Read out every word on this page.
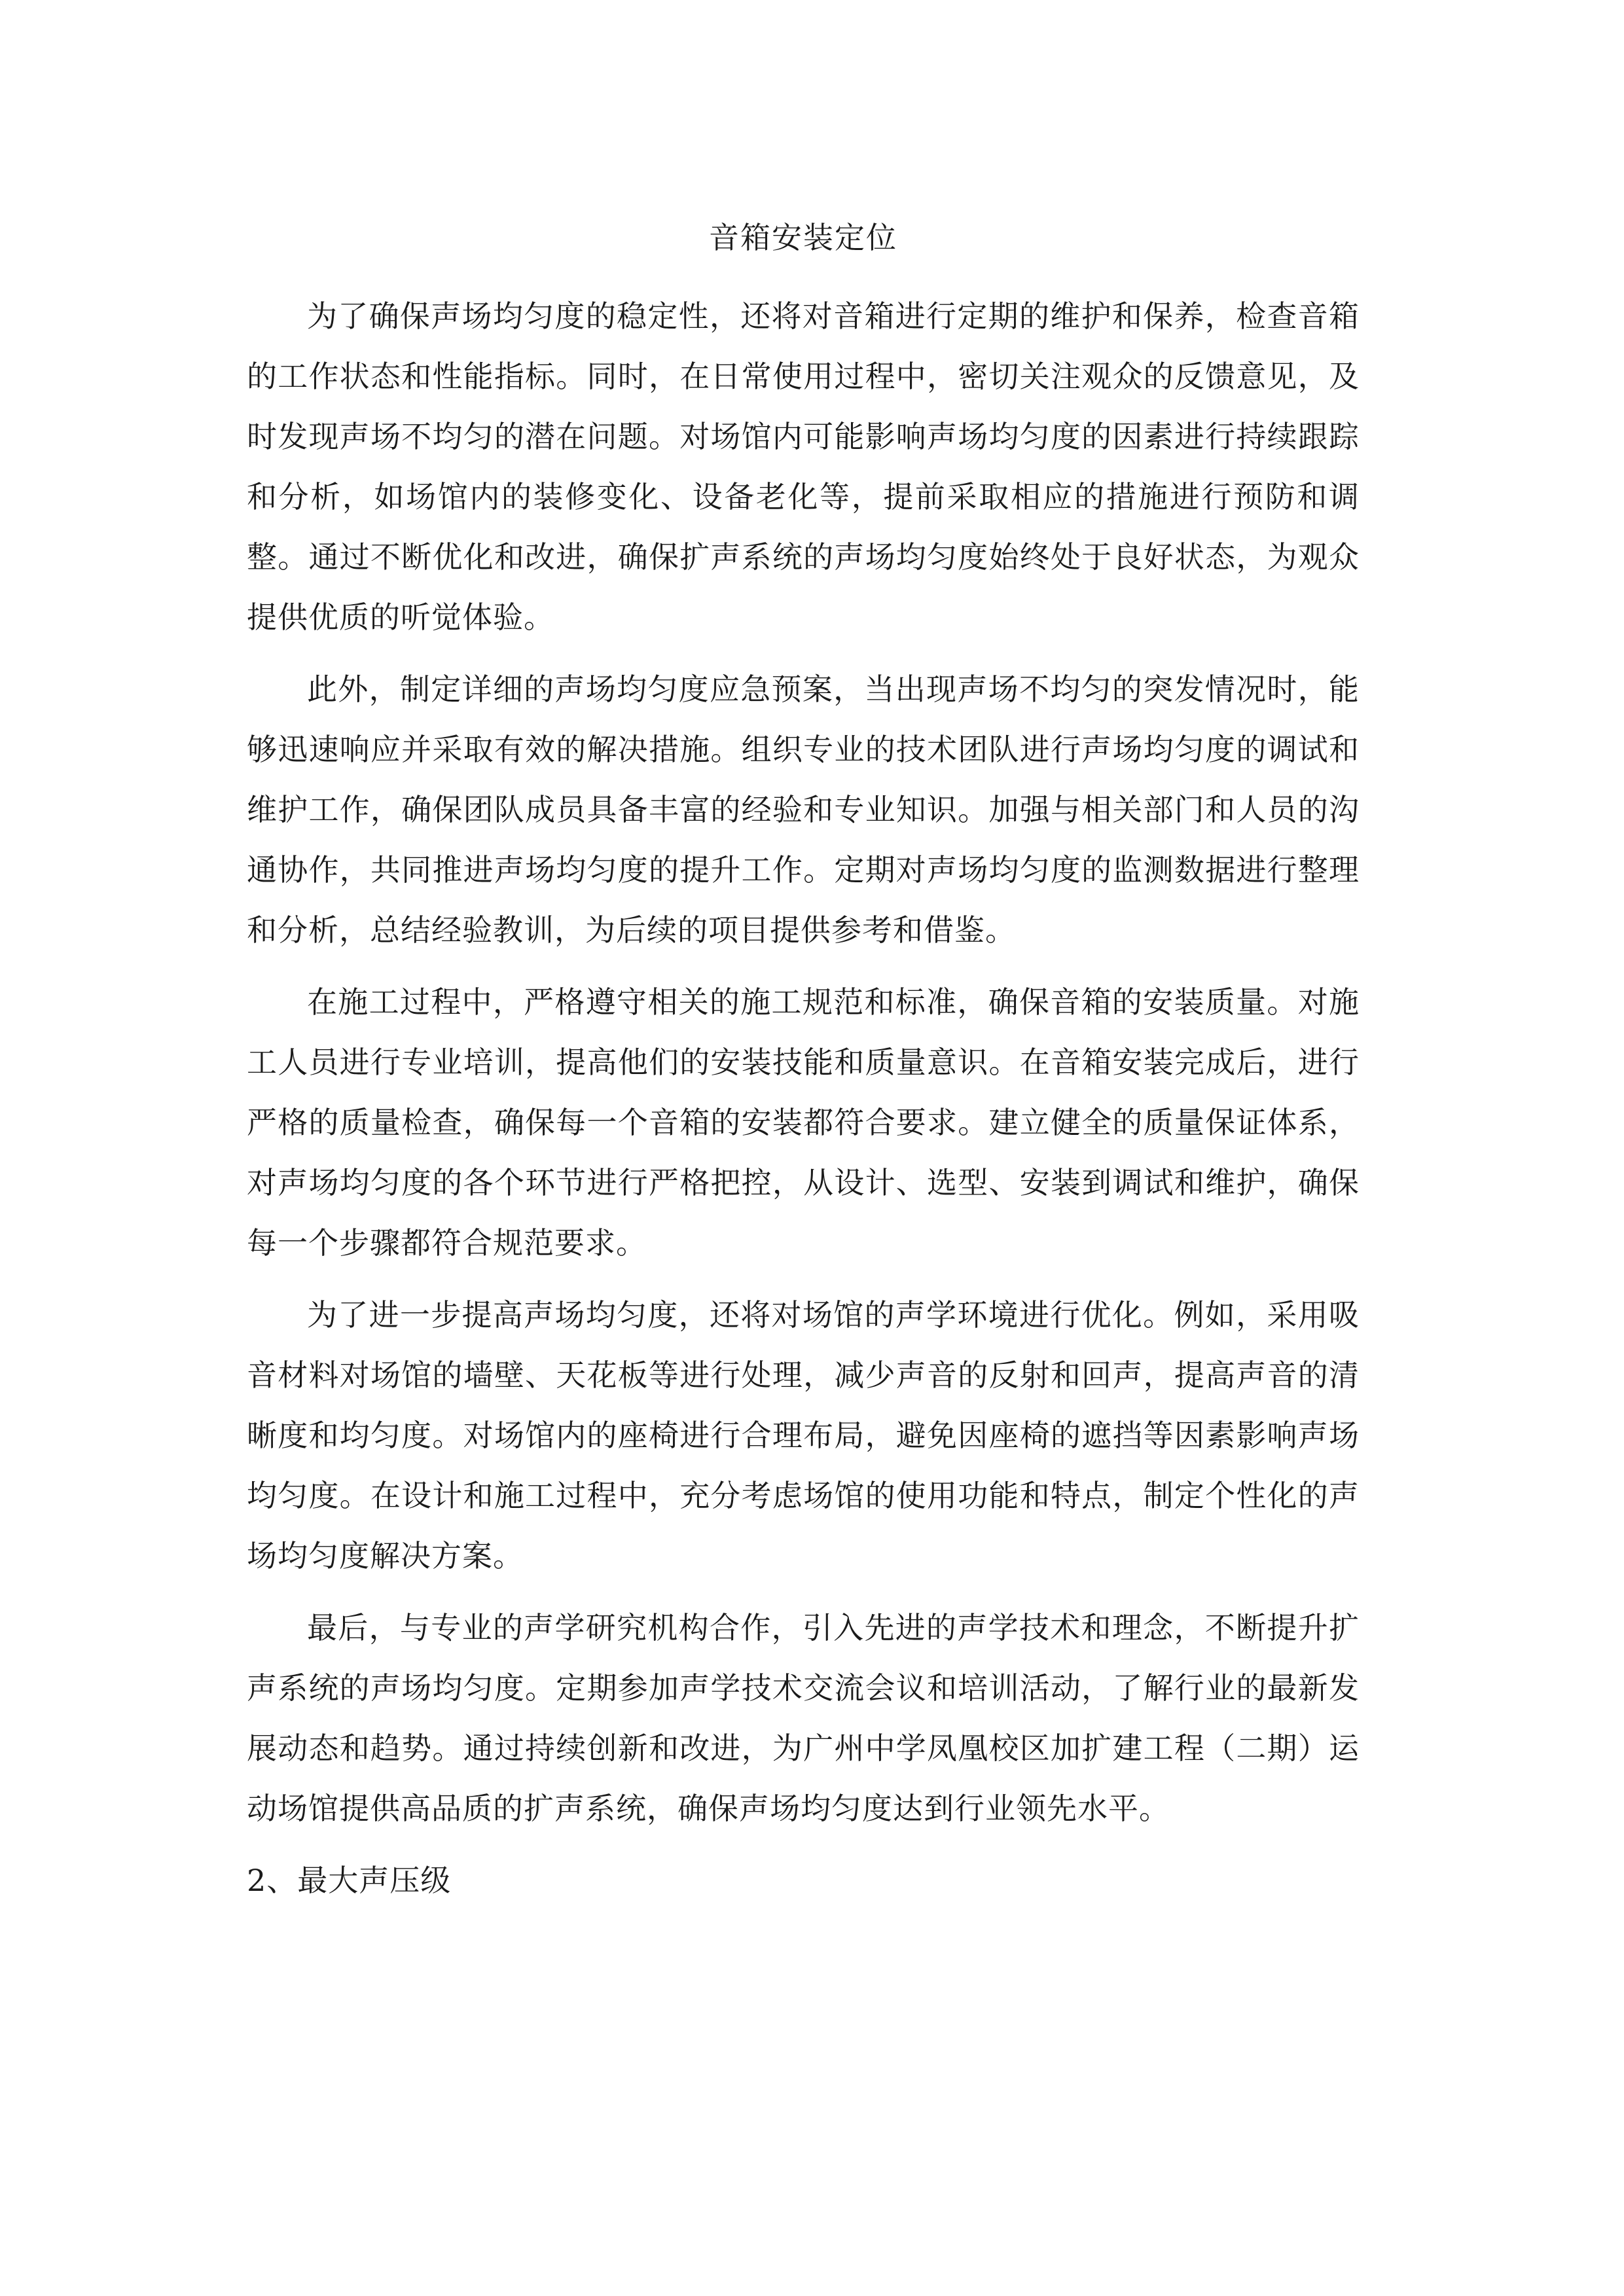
音箱安装定位

为了确保声场均匀度的稳定性，还将对音箱进行定期的维护和保养，检查音箱的工作状态和性能指标。同时，在日常使用过程中，密切关注观众的反馈意见，及时发现声场不均匀的潜在问题。对场馆内可能影响声场均匀度的因素进行持续跟踪和分析，如场馆内的装修变化、设备老化等，提前采取相应的措施进行预防和调整。通过不断优化和改进，确保扩声系统的声场均匀度始终处于良好状态，为观众提供优质的听觉体验。

此外，制定详细的声场均匀度应急预案，当出现声场不均匀的突发情况时，能够迅速响应并采取有效的解决措施。组织专业的技术团队进行声场均匀度的调试和维护工作，确保团队成员具备丰富的经验和专业知识。加强与相关部门和人员的沟通协作，共同推进声场均匀度的提升工作。定期对声场均匀度的监测数据进行整理和分析，总结经验教训，为后续的项目提供参考和借鉴。

在施工过程中，严格遵守相关的施工规范和标准，确保音箱的安装质量。对施工人员进行专业培训，提高他们的安装技能和质量意识。在音箱安装完成后，进行严格的质量检查，确保每一个音箱的安装都符合要求。建立健全的质量保证体系，对声场均匀度的各个环节进行严格把控，从设计、选型、安装到调试和维护，确保每一个步骤都符合规范要求。

为了进一步提高声场均匀度，还将对场馆的声学环境进行优化。例如，采用吸音材料对场馆的墙壁、天花板等进行处理，减少声音的反射和回声，提高声音的清晰度和均匀度。对场馆内的座椅进行合理布局，避免因座椅的遮挡等因素影响声场均匀度。在设计和施工过程中，充分考虑场馆的使用功能和特点，制定个性化的声场均匀度解决方案。

最后，与专业的声学研究机构合作，引入先进的声学技术和理念，不断提升扩声系统的声场均匀度。定期参加声学技术交流会议和培训活动，了解行业的最新发展动态和趋势。通过持续创新和改进，为广州中学凤凰校区加扩建工程（二期）运动场馆提供高品质的扩声系统，确保声场均匀度达到行业领先水平。

2、最大声压级
